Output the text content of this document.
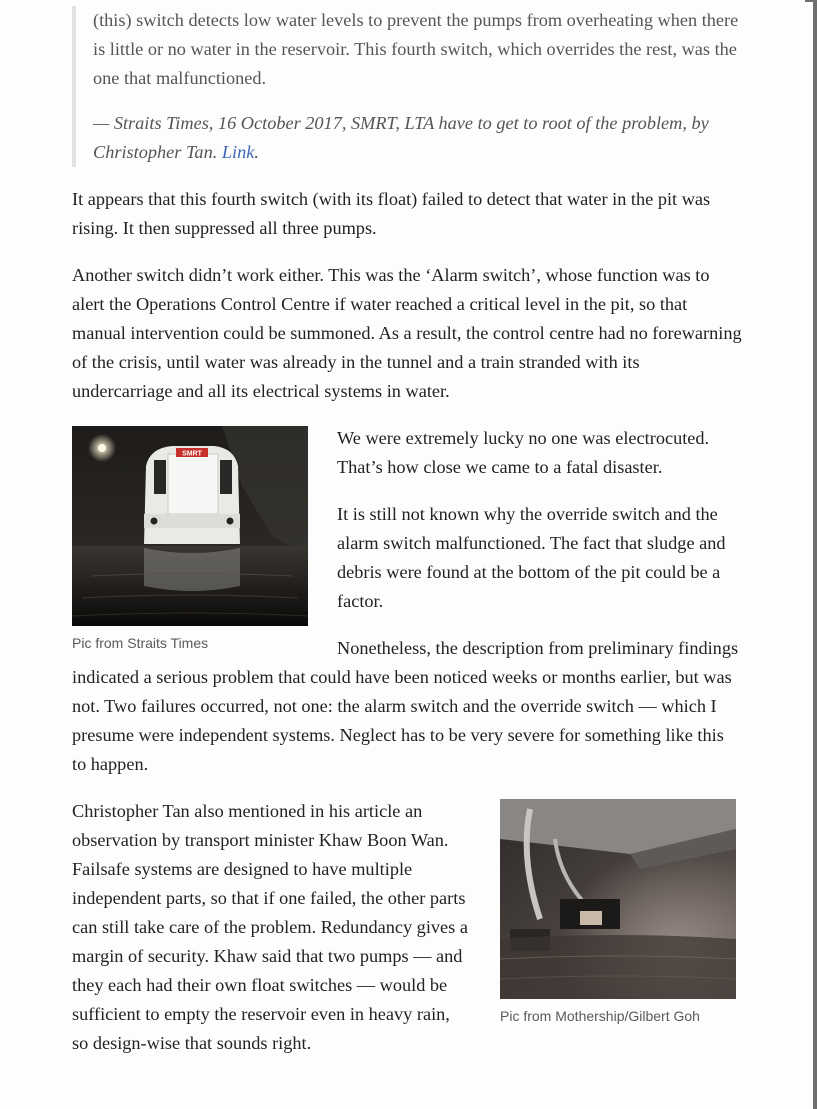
(this) switch detects low water levels to prevent the pumps from overheating when there is little or no water in the reservoir. This fourth switch, which overrides the rest, was the one that malfunctioned.

— Straits Times, 16 October 2017, SMRT, LTA have to get to root of the problem, by Christopher Tan. Link.

It appears that this fourth switch (with its float) failed to detect that water in the pit was rising. It then suppressed all three pumps.

Another switch didn’t work either. This was the ‘Alarm switch’, whose function was to alert the Operations Control Centre if water reached a critical level in the pit, so that manual intervention could be summoned. As a result, the control centre had no forewarning of the crisis, until water was already in the tunnel and a train stranded with its undercarriage and all its electrical systems in water.

SMRT
Pic from Straits Times

We were extremely lucky no one was electrocuted. That’s how close we came to a fatal disaster.

It is still not known why the override switch and the alarm switch malfunctioned. The fact that sludge and debris were found at the bottom of the pit could be a factor.

Nonetheless, the description from preliminary findings indicated a serious problem that could have been noticed weeks or months earlier, but was not. Two failures occurred, not one: the alarm switch and the override switch — which I presume were independent systems. Neglect has to be very severe for something like this to happen.

Pic from Mothership/Gilbert Goh

Christopher Tan also mentioned in his article an observation by transport minister Khaw Boon Wan. Failsafe systems are designed to have multiple independent parts, so that if one failed, the other parts can still take care of the problem. Redundancy gives a margin of security. Khaw said that two pumps — and they each had their own float switches — would be sufficient to empty the reservoir even in heavy rain, so design-wise that sounds right.
